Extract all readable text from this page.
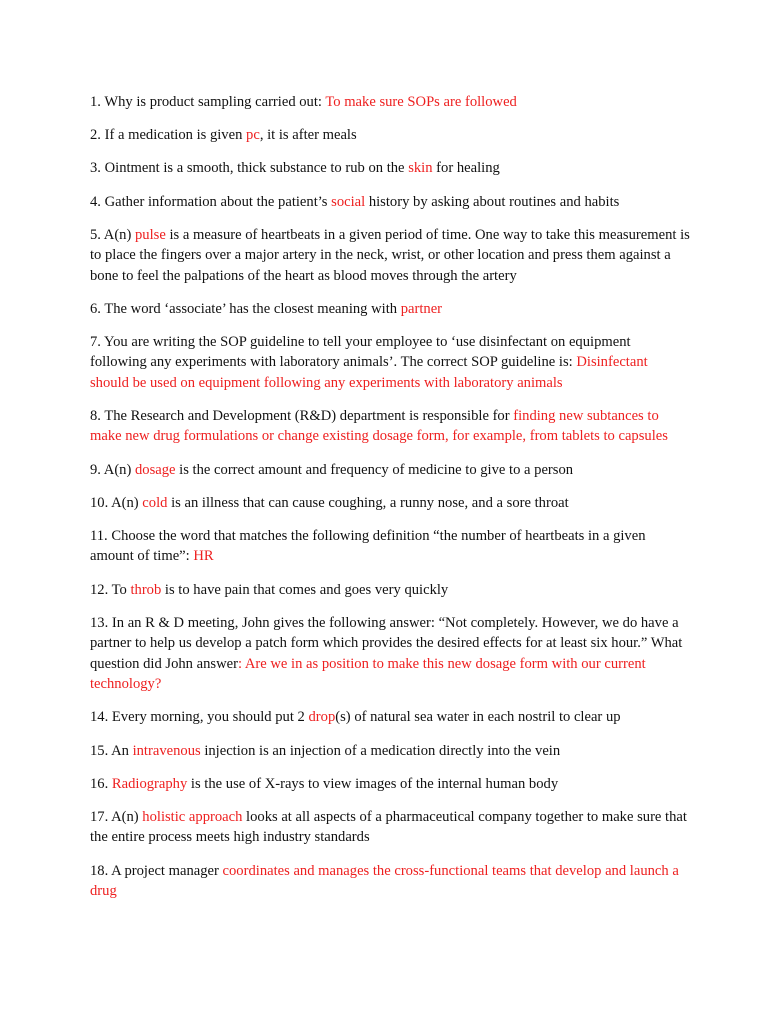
1. Why is product sampling carried out: To make sure SOPs are followed

2. If a medication is given pc, it is after meals

3. Ointment is a smooth, thick substance to rub on the skin for healing

4. Gather information about the patient’s social history by asking about routines and habits

5. A(n) pulse is a measure of heartbeats in a given period of time. One way to take this measurement is to place the fingers over a major artery in the neck, wrist, or other location and press them against a bone to feel the palpations of the heart as blood moves through the artery

6. The word ‘associate’ has the closest meaning with partner

7. You are writing the SOP guideline to tell your employee to ‘use disinfectant on equipment following any experiments with laboratory animals’. The correct SOP guideline is: Disinfectant should be used on equipment following any experiments with laboratory animals

8. The Research and Development (R&D) department is responsible for finding new subtances to make new drug formulations or change existing dosage form, for example, from tablets to capsules

9. A(n) dosage is the correct amount and frequency of medicine to give to a person

10. A(n) cold is an illness that can cause coughing, a runny nose, and a sore throat

11. Choose the word that matches the following definition “the number of heartbeats in a given amount of time”: HR

12. To throb is to have pain that comes and goes very quickly

13. In an R & D meeting, John gives the following answer: “Not completely. However, we do have a partner to help us develop a patch form which provides the desired effects for at least six hour.” What question did John answer: Are we in as position to make this new dosage form with our current technology?

14. Every morning, you should put 2 drop(s) of natural sea water in each nostril to clear up

15. An intravenous injection is an injection of a medication directly into the vein

16. Radiography is the use of X-rays to view images of the internal human body

17. A(n) holistic approach looks at all aspects of a pharmaceutical company together to make sure that the entire process meets high industry standards

18. A project manager coordinates and manages the cross-functional teams that develop and launch a drug
